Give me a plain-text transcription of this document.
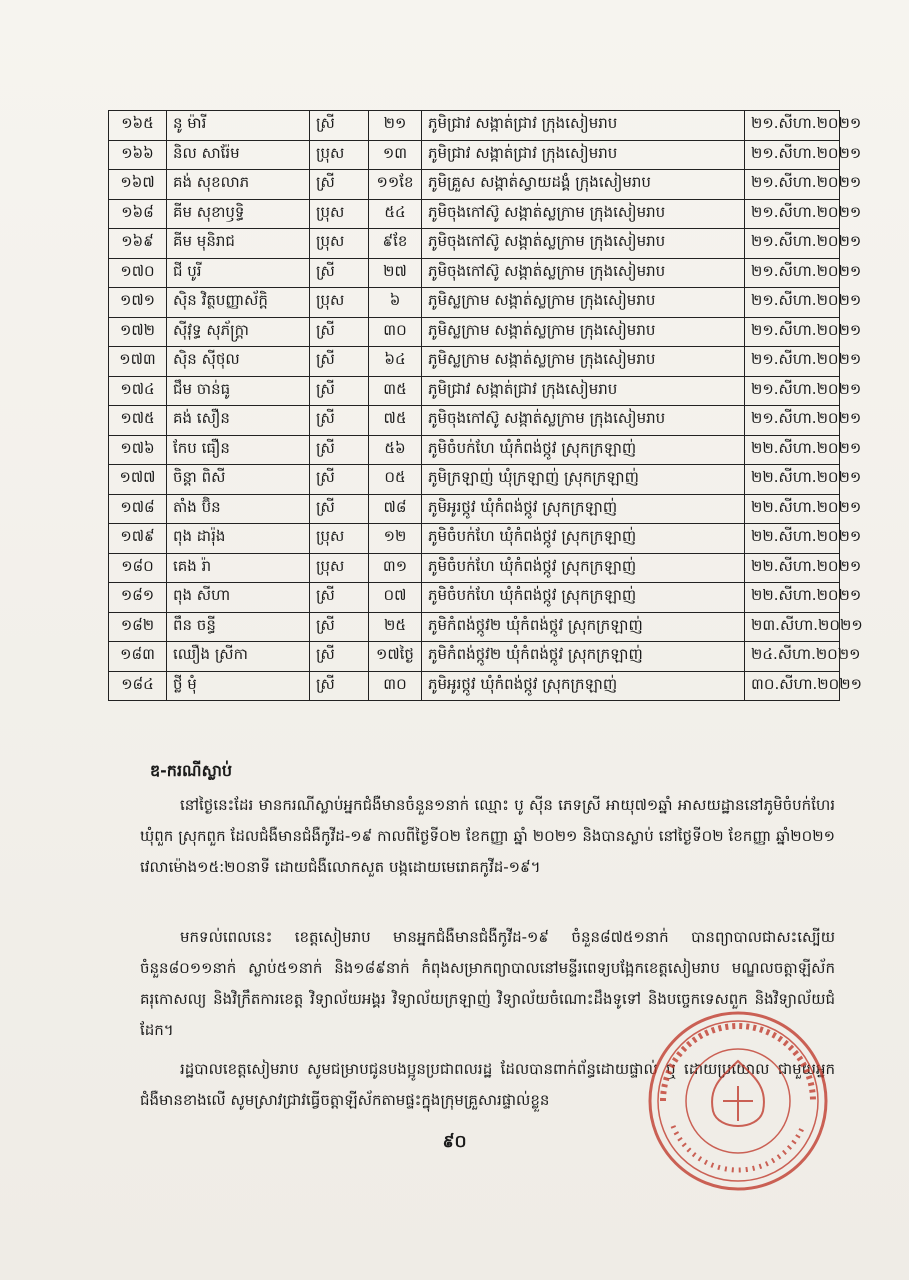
១៦៥	នូ ម៉ារី	ស្រី	២១	ភូមិជ្រាវ សង្កាត់ជ្រាវ ក្រុងសៀមរាប	២១.សីហា.២០២១
១៦៦	និល សារ៉ែម	ប្រុស	១៣	ភូមិជ្រាវ សង្កាត់ជ្រាវ ក្រុងសៀមរាប	២១.សីហា.២០២១
១៦៧	គង់ សុខលាភ	ស្រី	១១ខែ	ភូមិគ្រួស សង្កាត់ស្វាយដង្គំ ក្រុងសៀមរាប	២១.សីហា.២០២១
១៦៨	គីម សុខាឫទ្ធិ	ប្រុស	៥៤	ភូមិចុងកៅស៊ូ សង្កាត់ស្លក្រាម ក្រុងសៀមរាប	២១.សីហា.២០២១
១៦៩	គីម មុនិរាជ	ប្រុស	៩ខែ	ភូមិចុងកៅស៊ូ សង្កាត់ស្លក្រាម ក្រុងសៀមរាប	២១.សីហា.២០២១
១៧០	ជី បូរី	ស្រី	២៧	ភូមិចុងកៅស៊ូ សង្កាត់ស្លក្រាម ក្រុងសៀមរាប	២១.សីហា.២០២១
១៧១	ស៊ិន វិត្ថបញ្ញាស័ក្តិ	ប្រុស	៦	ភូមិស្លក្រាម សង្កាត់ស្លក្រាម ក្រុងសៀមរាប	២១.សីហា.២០២១
១៧២	ស៊ីវុទ្ធ សុភ័ក្រ្តា	ស្រី	៣០	ភូមិស្លក្រាម សង្កាត់ស្លក្រាម ក្រុងសៀមរាប	២១.សីហា.២០២១
១៧៣	ស៊ិន ស៊ីថុល	ស្រី	៦៤	ភូមិស្លក្រាម សង្កាត់ស្លក្រាម ក្រុងសៀមរាប	២១.សីហា.២០២១
១៧៤	ជឹម ចាន់ធូ	ស្រី	៣៥	ភូមិជ្រាវ សង្កាត់ជ្រាវ ក្រុងសៀមរាប	២១.សីហា.២០២១
១៧៥	គង់ សឿន	ស្រី	៧៥	ភូមិចុងកៅស៊ូ សង្កាត់ស្លក្រាម ក្រុងសៀមរាប	២១.សីហា.២០២១
១៧៦	កែប ធឿន	ស្រី	៥៦	ភូមិចំបក់ហែ ឃុំកំពង់ថ្កូវ ស្រុកក្រឡាញ់	២២.សីហា.២០២១
១៧៧	ចិន្តា ពិសី	ស្រី	០៥	ភូមិក្រឡាញ់ ឃុំក្រឡាញ់ ស្រុកក្រឡាញ់	២២.សីហា.២០២១
១៧៨	តាំង ប៊ិន	ស្រី	៧៨	ភូមិអូរថ្កូវ ឃុំកំពង់ថ្កូវ ស្រុកក្រឡាញ់	២២.សីហា.២០២១
១៧៩	ពុង ដារ៉ុង	ប្រុស	១២	ភូមិចំបក់ហែ ឃុំកំពង់ថ្កូវ ស្រុកក្រឡាញ់	២២.សីហា.២០២១
១៨០	គេង រ៉ា	ប្រុស	៣១	ភូមិចំបក់ហែ ឃុំកំពង់ថ្កូវ ស្រុកក្រឡាញ់	២២.សីហា.២០២១
១៨១	ពុង សីហា	ស្រី	០៧	ភូមិចំបក់ហែ ឃុំកំពង់ថ្កូវ ស្រុកក្រឡាញ់	២២.សីហា.២០២១
១៨២	ពឹន ចន្ធី	ស្រី	២៥	ភូមិកំពង់ថ្កូវ២ ឃុំកំពង់ថ្កូវ ស្រុកក្រឡាញ់	២៣.សីហា.២០២១
១៨៣	ឈឿង ស្រីកា	ស្រី	១៧ថ្ងៃ	ភូមិកំពង់ថ្កូវ២ ឃុំកំពង់ថ្កូវ ស្រុកក្រឡាញ់	២៤.សីហា.២០២១
១៨៤	ថ្លី មុំ	ស្រី	៣០	ភូមិអូរថ្កូវ ឃុំកំពង់ថ្កូវ ស្រុកក្រឡាញ់	៣០.សីហា.២០២១
ឌ-ករណីស្លាប់
នៅថ្ងៃនេះដែរ មានករណីស្លាប់អ្នកជំងឺមានចំនួន១នាក់ ឈ្មោះ បូ ស៊ីន ភេទស្រី អាយុ៧១ឆ្នាំ អាសយដ្ឋាននៅភូមិចំបក់ហែរ ឃុំពួក ស្រុកពួក ដែលជំងឺមានជំងឺកូវីដ-១៩ កាលពីថ្ងៃទី០២ ខែកញ្ញា ឆ្នាំ ២០២១ និងបានស្លាប់ នៅថ្ងៃទី០២ ខែកញ្ញា ឆ្នាំ២០២១ វេលាម៉ោង១៥:២០នាទី ដោយជំងឺលោកសួត បង្កដោយមេរោគកូវីដ-១៩។
មកទល់ពេលនេះ ខេត្តសៀមរាប មានអ្នកជំងឺមានជំងឺកូវីដ-១៩ ចំនួន៨៧៥១នាក់ បានព្យាបាលជាសះស្បើយចំនួន៨០១១នាក់ ស្លាប់៥១នាក់ និង១៨៩នាក់ កំពុងសម្រាកព្យាបាលនៅមន្ទីរពេទ្យបង្អែកខេត្តសៀមរាប មណ្ឌលចត្តាឡីស័កគរុកោសល្យ និងវិក្រឹតការខេត្ត វិទ្យាល័យអង្គរ វិទ្យាល័យក្រឡាញ់ វិទ្យាល័យចំណោះដឹងទូទៅ និងបច្ចេកទេសពួក និងវិទ្យាល័យជំដែក។
រដ្ឋបាលខេត្តសៀមរាប សូមជម្រាបជូនបងប្អូនប្រជាពលរដ្ឋ ដែលបានពាក់ព័ន្ធដោយផ្ទាល់ ឬ ដោយប្រយោល ជាមួយអ្នកជំងឺមានខាងលើ សូមស្រាវជ្រាវធ្វើចត្តាឡីស័កតាមផ្ទះក្នុងក្រុមគ្រួសារផ្ទាល់ខ្លួន
៩០
